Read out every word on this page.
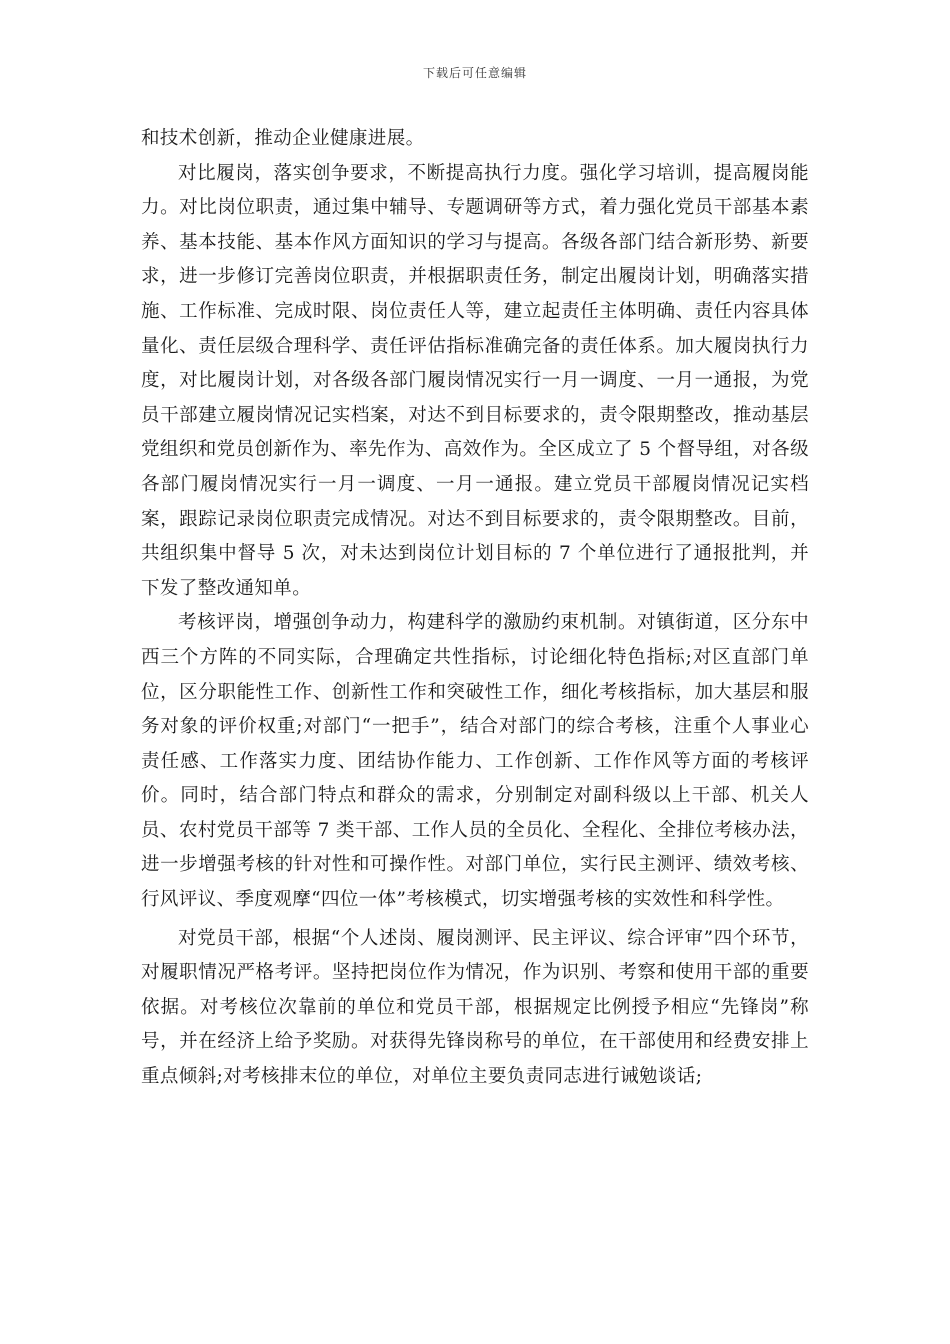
下载后可任意编辑

和技术创新，推动企业健康进展。

对比履岗，落实创争要求，不断提高执行力度。强化学习培训，提高履岗能力。对比岗位职责，通过集中辅导、专题调研等方式，着力强化党员干部基本素养、基本技能、基本作风方面知识的学习与提高。各级各部门结合新形势、新要求，进一步修订完善岗位职责，并根据职责任务，制定出履岗计划，明确落实措施、工作标准、完成时限、岗位责任人等，建立起责任主体明确、责任内容具体量化、责任层级合理科学、责任评估指标准确完备的责任体系。加大履岗执行力度，对比履岗计划，对各级各部门履岗情况实行一月一调度、一月一通报，为党员干部建立履岗情况记实档案，对达不到目标要求的，责令限期整改，推动基层党组织和党员创新作为、率先作为、高效作为。全区成立了 5 个督导组，对各级各部门履岗情况实行一月一调度、一月一通报。建立党员干部履岗情况记实档案，跟踪记录岗位职责完成情况。对达不到目标要求的，责令限期整改。目前，共组织集中督导 5 次，对未达到岗位计划目标的 7 个单位进行了通报批判，并下发了整改通知单。

考核评岗，增强创争动力，构建科学的激励约束机制。对镇街道，区分东中西三个方阵的不同实际，合理确定共性指标，讨论细化特色指标;对区直部门单位，区分职能性工作、创新性工作和突破性工作，细化考核指标，加大基层和服务对象的评价权重;对部门“一把手”，结合对部门的综合考核，注重个人事业心责任感、工作落实力度、团结协作能力、工作创新、工作作风等方面的考核评价。同时，结合部门特点和群众的需求，分别制定对副科级以上干部、机关人员、农村党员干部等 7 类干部、工作人员的全员化、全程化、全排位考核办法，进一步增强考核的针对性和可操作性。对部门单位，实行民主测评、绩效考核、行风评议、季度观摩“四位一体”考核模式，切实增强考核的实效性和科学性。

对党员干部，根据“个人述岗、履岗测评、民主评议、综合评审”四个环节，对履职情况严格考评。坚持把岗位作为情况，作为识别、考察和使用干部的重要依据。对考核位次靠前的单位和党员干部，根据规定比例授予相应“先锋岗”称号，并在经济上给予奖励。对获得先锋岗称号的单位，在干部使用和经费安排上重点倾斜;对考核排末位的单位，对单位主要负责同志进行诫勉谈话;
